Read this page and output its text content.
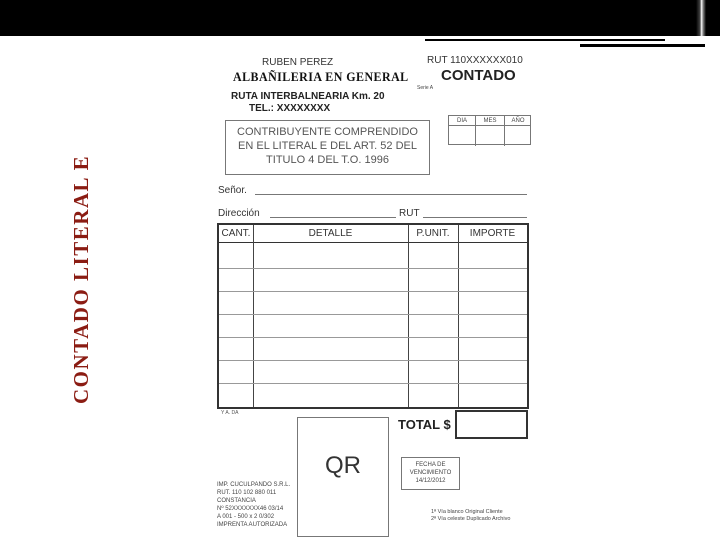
CONTADO LITERAL E
RUBEN PEREZ
ALBAÑILERIA EN GENERAL
RUTA INTERBALNEARIA Km. 20
TEL.: XXXXXXXX
RUT 110XXXXXX010
CONTADO
Serie A
CONTRIBUYENTE COMPRENDIDO
EN EL LITERAL E DEL ART. 52 DEL
TITULO 4 DEL T.O. 1996
DIA	MES	AÑO
Señor.
Dirección	RUT
CANT.	DETALLE	P.UNIT.	IMPORTE
Y A. DA
TOTAL $
QR	FECHA DE
VENCIMIENTO
14/12/2012
IMP. CUCULPANDO S.R.L.
RUT. 110 102 880 011
CONSTANCIA
Nº 52XXXXXXX46 03/14
A 001 - 500 x 2 0/302
IMPRENTA AUTORIZADA
1ª Vía blanco Original Cliente
2ª Vía celeste Duplicado Archivo
